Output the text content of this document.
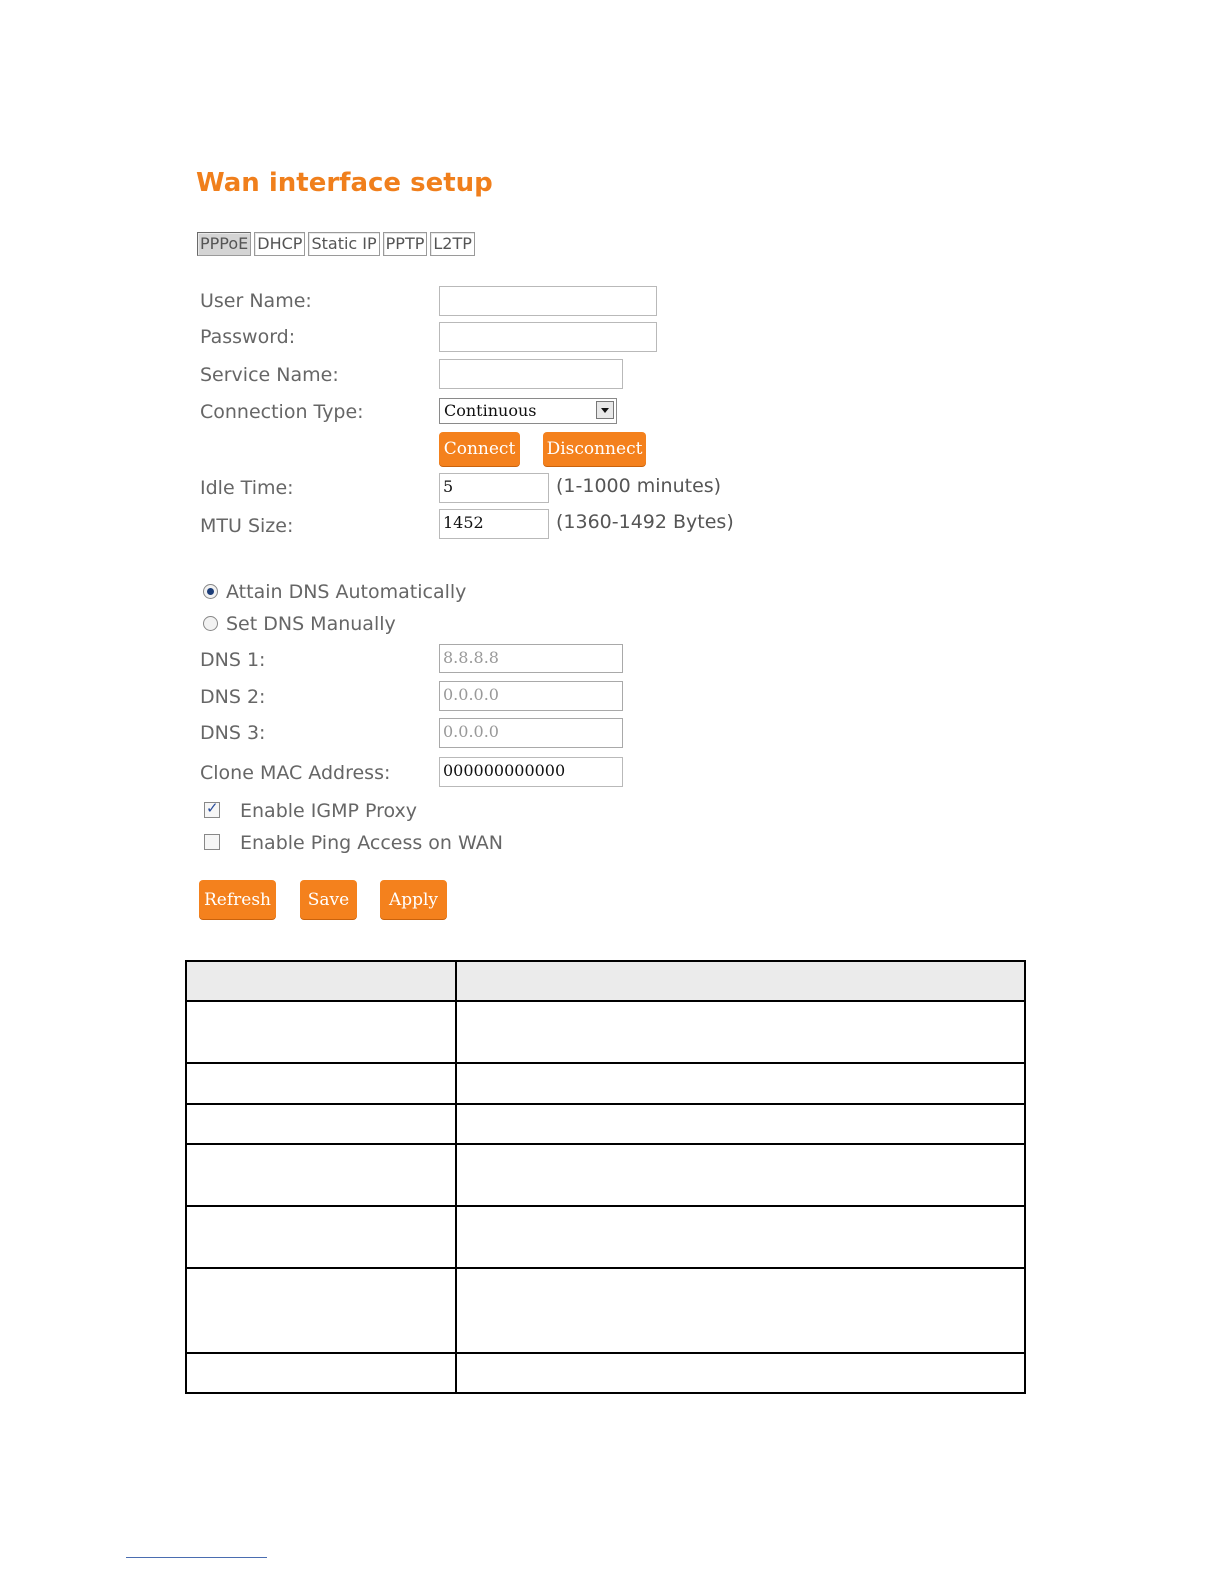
Wan interface setup
PPPoE DHCP Static IP PPTP L2TP
User Name:
Password:
Service Name:
Connection Type:	Continuous
Connect Disconnect
Idle Time:	5	(1-1000 minutes)
MTU Size:	1452	(1360-1492 Bytes)
Attain DNS Automatically
Set DNS Manually
DNS 1:	8.8.8.8
DNS 2:	0.0.0.0
DNS 3:	0.0.0.0
Clone MAC Address:	000000000000
✓
Enable IGMP Proxy
Enable Ping Access on WAN
Refresh	Save	Apply
